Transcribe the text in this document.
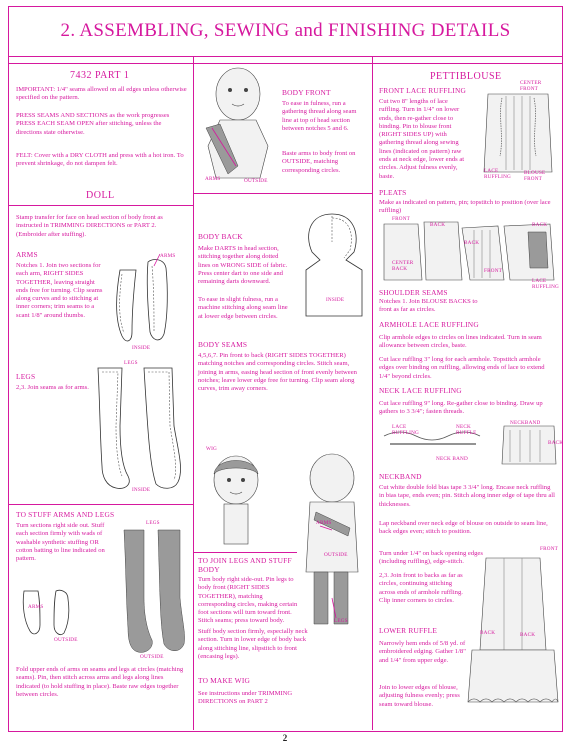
2. ASSEMBLING, SEWING and FINISHING DETAILS
7432 PART 1
IMPORTANT: 1/4" seams allowed on all edges unless otherwise specified on the pattern.
PRESS SEAMS AND SECTIONS as the work progresses
PRESS EACH SEAM OPEN after stitching, unless the directions state otherwise.
FELT: Cover with a DRY CLOTH and press with a hot iron. To prevent shrinkage, do not dampen felt.
DOLL
Stamp transfer for face on head section of body front as instructed in TRIMMING DIRECTIONS or PART 2. (Embroider after stuffing).
ARMS
Notches 1. Join two sections for each arm, RIGHT SIDES TOGETHER, leaving straight ends free for turning. Clip seams along curves and to stitching at inner corners; trim seams to a scant 1/8" around thumbs.
ARMS
INSIDE
LEGS
LEGS
2,3. Join seams as for arms.
INSIDE
TO STUFF ARMS AND LEGS
Turn sections right side out. Stuff each section firmly with wads of washable synthetic stuffing OR cotton batting to line indicated on pattern.
ARMS
OUTSIDE
LEGS
OUTSIDE
Fold upper ends of arms on seams and legs at circles (matching seams). Pin, then stitch across arms and legs along lines indicated (to hold stuffing in place). Baste raw edges together between circles.
ARMS	OUTSIDE
BODY FRONT
To ease in fulness, run a gathering thread along seam line at top of head section between notches 5 and 6.
Baste arms to body front on OUTSIDE, matching corresponding circles.
BODY BACK
Make DARTS in head section, stitching together along dotted lines on WRONG SIDE of fabric. Press center dart to one side and remaining darts downward.
To ease in slight fulness, run a machine stitching along seam line at lower edge between circles.
INSIDE
BODY SEAMS
4,5,6,7. Pin front to back (RIGHT SIDES TOGETHER) matching notches and corresponding circles. Stitch seam, joining in arms, easing head section of front evenly between notches; leave lower edge free for turning. Clip seam along curves, trim away corners.
WIG
ARMS
OUTSIDE
LEGS
TO JOIN LEGS AND STUFF BODY
Turn body right side-out. Pin legs to body front (RIGHT SIDES TOGETHER), matching corresponding circles, making certain foot sections will turn toward front. Stitch seams; press toward body.
Stuff body section firmly, especially neck section. Turn in lower edge of body back along stitching line, slipstitch to front (encasing legs).
TO MAKE WIG
See instructions under TRIMMING DIRECTIONS on PART 2
PETTIBLOUSE
FRONT LACE RUFFLING
Cut two 8" lengths of lace ruffling. Turn in 1/4" on lower ends, then re-gather close to binding. Pin to blouse front (RIGHT SIDES UP) with gathering thread along sewing lines (indicated on pattern) raw ends at neck edge, lower ends at circles. Adjust fulness evenly, baste.
CENTER FRONT
LACE RUFFLING
BLOUSE FRONT
PLEATS
Make as indicated on pattern, pin; topstitch to position (over lace ruffling)
FRONT
BACK
CENTER BACK
BACK
FRONT
BACK
LACE RUFFLING
SHOULDER SEAMS
Notches 1. Join BLOUSE BACKS to front as far as circles.
ARMHOLE LACE RUFFLING
Clip armhole edges to circles on lines indicated. Turn in seam allowance between circles, baste.
Cut lace ruffling 3" long for each armhole. Topstitch armhole edges over binding on ruffling, allowing ends of lace to extend 1/4" beyond circles.
NECK LACE RUFFLING
Cut lace ruffling 9" long. Re-gather close to binding. Draw up gathers to 3 3/4"; fasten threads.
LACE RUFFLING
NECK RUFFLE
NECK BAND
NECKBAND
BACK
NECKBAND
Cut white double fold bias tape 3 3/4" long. Encase neck ruffling in bias tape, ends even; pin. Stitch along inner edge of tape thru all thicknesses.
Lap neckband over neck edge of blouse on outside to seam line, back edges even; stitch to position.
Turn under 1/4" on back opening edges (including ruffling), edge-stitch.
2,3. Join front to backs as far as circles, continuing stitching across ends of armhole ruffling. Clip inner corners to circles.
FRONT
BACK	BACK
LOWER RUFFLE
Narrowly hem ends of 5/8 yd. of embroidered edging. Gather 1/8" and 1/4" from upper edge.
Join to lower edges of blouse, adjusting fulness evenly; press seam toward blouse.
2
